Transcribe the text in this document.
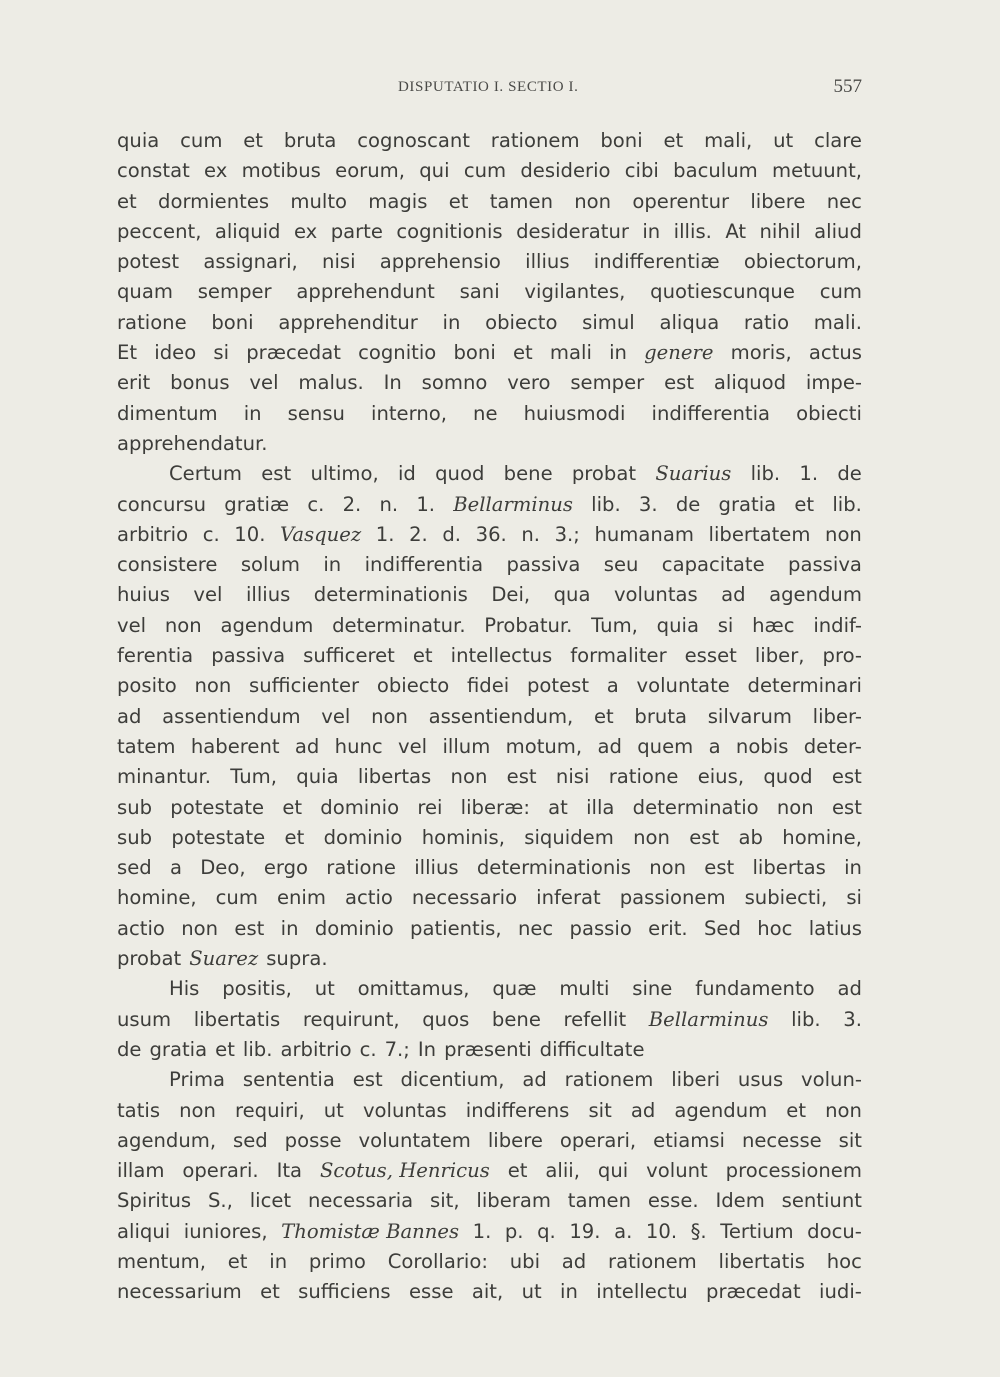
DISPUTATIO I. SECTIO I.	557
quia cum et bruta cognoscant rationem boni et mali, ut clare
constat ex motibus eorum, qui cum desiderio cibi baculum metuunt,
et dormientes multo magis et tamen non operentur libere nec
peccent, aliquid ex parte cognitionis desideratur in illis. At nihil aliud
potest assignari, nisi apprehensio illius indifferentiæ obiectorum,
quam semper apprehendunt sani vigilantes, quotiescunque cum
ratione boni apprehenditur in obiecto simul aliqua ratio mali.
Et ideo si præcedat cognitio boni et mali in genere moris, actus
erit bonus vel malus. In somno vero semper est aliquod impe-
dimentum in sensu interno, ne huiusmodi indifferentia obiecti
apprehendatur.
Certum est ultimo, id quod bene probat Suarius lib. 1. de
concursu gratiæ c. 2. n. 1. Bellarminus lib. 3. de gratia et lib.
arbitrio c. 10. Vasquez 1. 2. d. 36. n. 3.; humanam libertatem non
consistere solum in indifferentia passiva seu capacitate passiva
huius vel illius determinationis Dei, qua voluntas ad agendum
vel non agendum determinatur. Probatur. Tum, quia si hæc indif-
ferentia passiva sufficeret et intellectus formaliter esset liber, pro-
posito non sufficienter obiecto fidei potest a voluntate determinari
ad assentiendum vel non assentiendum, et bruta silvarum liber-
tatem haberent ad hunc vel illum motum, ad quem a nobis deter-
minantur. Tum, quia libertas non est nisi ratione eius, quod est
sub potestate et dominio rei liberæ: at illa determinatio non est
sub potestate et dominio hominis, siquidem non est ab homine,
sed a Deo, ergo ratione illius determinationis non est libertas in
homine, cum enim actio necessario inferat passionem subiecti, si
actio non est in dominio patientis, nec passio erit. Sed hoc latius
probat Suarez supra.
His positis, ut omittamus, quæ multi sine fundamento ad
usum libertatis requirunt, quos bene refellit Bellarminus lib. 3.
de gratia et lib. arbitrio c. 7.; In præsenti difficultate
Prima sententia est dicentium, ad rationem liberi usus volun-
tatis non requiri, ut voluntas indifferens sit ad agendum et non
agendum, sed posse voluntatem libere operari, etiamsi necesse sit
illam operari. Ita Scotus, Henricus et alii, qui volunt processionem
Spiritus S., licet necessaria sit, liberam tamen esse. Idem sentiunt
aliqui iuniores, Thomistæ Bannes 1. p. q. 19. a. 10. §. Tertium docu-
mentum, et in primo Corollario: ubi ad rationem libertatis hoc
necessarium et sufficiens esse ait, ut in intellectu præcedat iudi-
